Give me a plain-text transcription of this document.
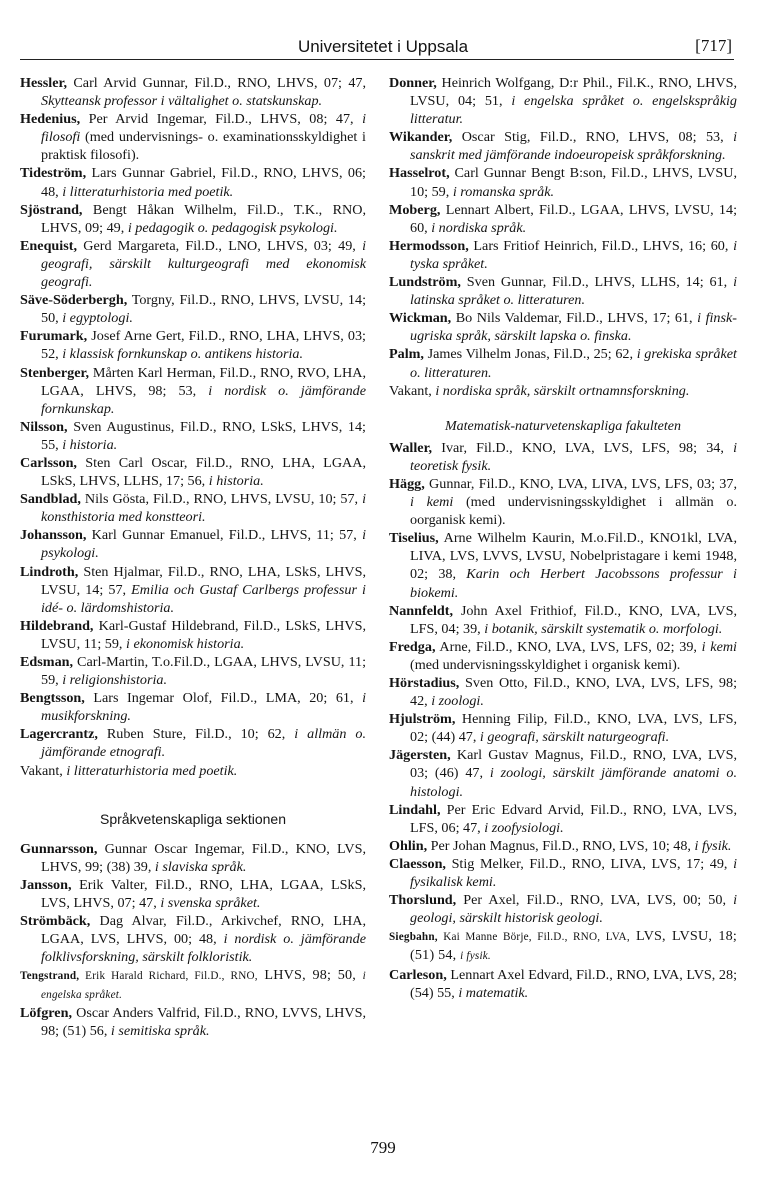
Universitetet i Uppsala	[717]
Hessler, Carl Arvid Gunnar, Fil.D., RNO, LHVS, 07; 47, Skytteansk professor i vältalighet o. statskunskap.
Hedenius, Per Arvid Ingemar, Fil.D., LHVS, 08; 47, i filosofi (med undervisnings- o. examinationsskyldighet i praktisk filosofi).
Tideström, Lars Gunnar Gabriel, Fil.D., RNO, LHVS, 06; 48, i litteraturhistoria med poetik.
Sjöstrand, Bengt Håkan Wilhelm, Fil.D., T.K., RNO, LHVS, 09; 49, i pedagogik o. pedagogisk psykologi.
Enequist, Gerd Margareta, Fil.D., LNO, LHVS, 03; 49, i geografi, särskilt kulturgeografi med ekonomisk geografi.
Säve-Söderbergh, Torgny, Fil.D., RNO, LHVS, LVSU, 14; 50, i egyptologi.
Furumark, Josef Arne Gert, Fil.D., RNO, LHA, LHVS, 03; 52, i klassisk fornkunskap o. antikens historia.
Stenberger, Mårten Karl Herman, Fil.D., RNO, RVO, LHA, LGAA, LHVS, 98; 53, i nordisk o. jämförande fornkunskap.
Nilsson, Sven Augustinus, Fil.D., RNO, LSkS, LHVS, 14; 55, i historia.
Carlsson, Sten Carl Oscar, Fil.D., RNO, LHA, LGAA, LSkS, LHVS, LLHS, 17; 56, i historia.
Sandblad, Nils Gösta, Fil.D., RNO, LHVS, LVSU, 10; 57, i konsthistoria med konstteori.
Johansson, Karl Gunnar Emanuel, Fil.D., LHVS, 11; 57, i psykologi.
Lindroth, Sten Hjalmar, Fil.D., RNO, LHA, LSkS, LHVS, LVSU, 14; 57, Emilia och Gustaf Carlbergs professur i idé- o. lärdomshistoria.
Hildebrand, Karl-Gustaf Hildebrand, Fil.D., LSkS, LHVS, LVSU, 11; 59, i ekonomisk historia.
Edsman, Carl-Martin, T.o.Fil.D., LGAA, LHVS, LVSU, 11; 59, i religionshistoria.
Bengtsson, Lars Ingemar Olof, Fil.D., LMA, 20; 61, i musikforskning.
Lagercrantz, Ruben Sture, Fil.D., 10; 62, i allmän o. jämförande etnografi.
Vakant, i litteraturhistoria med poetik.
Språkvetenskapliga sektionen
Gunnarsson, Gunnar Oscar Ingemar, Fil.D., KNO, LVS, LHVS, 99; (38) 39, i slaviska språk.
Jansson, Erik Valter, Fil.D., RNO, LHA, LGAA, LSkS, LVS, LHVS, 07; 47, i svenska språket.
Strömbäck, Dag Alvar, Fil.D., Arkivchef, RNO, LHA, LGAA, LVS, LHVS, 00; 48, i nordisk o. jämförande folklivsforskning, särskilt folkloristik.
Tengstrand, Erik Harald Richard, Fil.D., RNO, LHVS, 98; 50, i engelska språket.
Löfgren, Oscar Anders Valfrid, Fil.D., RNO, LVVS, LHVS, 98; (51) 56, i semitiska språk.
Donner, Heinrich Wolfgang, D:r Phil., Fil.K., RNO, LHVS, LVSU, 04; 51, i engelska språket o. engelskspråkig litteratur.
Wikander, Oscar Stig, Fil.D., RNO, LHVS, 08; 53, i sanskrit med jämförande indoeuropeisk språkforskning.
Hasselrot, Carl Gunnar Bengt B:son, Fil.D., LHVS, LVSU, 10; 59, i romanska språk.
Moberg, Lennart Albert, Fil.D., LGAA, LHVS, LVSU, 14; 60, i nordiska språk.
Hermodsson, Lars Fritiof Heinrich, Fil.D., LHVS, 16; 60, i tyska språket.
Lundström, Sven Gunnar, Fil.D., LHVS, LLHS, 14; 61, i latinska språket o. litteraturen.
Wickman, Bo Nils Valdemar, Fil.D., LHVS, 17; 61, i finsk-ugriska språk, särskilt lapska o. finska.
Palm, James Vilhelm Jonas, Fil.D., 25; 62, i grekiska språket o. litteraturen.
Vakant, i nordiska språk, särskilt ortnamnsforskning.
Matematisk-naturvetenskapliga fakulteten
Waller, Ivar, Fil.D., KNO, LVA, LVS, LFS, 98; 34, i teoretisk fysik.
Hägg, Gunnar, Fil.D., KNO, LVA, LIVA, LVS, LFS, 03; 37, i kemi (med undervisningsskyldighet i allmän o. oorganisk kemi).
Tiselius, Arne Wilhelm Kaurin, M.o.Fil.D., KNO1kl, LVA, LIVA, LVS, LVVS, LVSU, Nobelpristagare i kemi 1948, 02; 38, Karin och Herbert Jacobssons professur i biokemi.
Nannfeldt, John Axel Frithiof, Fil.D., KNO, LVA, LVS, LFS, 04; 39, i botanik, särskilt systematik o. morfologi.
Fredga, Arne, Fil.D., KNO, LVA, LVS, LFS, 02; 39, i kemi (med undervisningsskyldighet i organisk kemi).
Hörstadius, Sven Otto, Fil.D., KNO, LVA, LVS, LFS, 98; 42, i zoologi.
Hjulström, Henning Filip, Fil.D., KNO, LVA, LVS, LFS, 02; (44) 47, i geografi, särskilt naturgeografi.
Jägersten, Karl Gustav Magnus, Fil.D., RNO, LVA, LVS, 03; (46) 47, i zoologi, särskilt jämförande anatomi o. histologi.
Lindahl, Per Eric Edvard Arvid, Fil.D., RNO, LVA, LVS, LFS, 06; 47, i zoofysiologi.
Ohlin, Per Johan Magnus, Fil.D., RNO, LVS, 10; 48, i fysik.
Claesson, Stig Melker, Fil.D., RNO, LIVA, LVS, 17; 49, i fysikalisk kemi.
Thorslund, Per Axel, Fil.D., RNO, LVA, LVS, 00; 50, i geologi, särskilt historisk geologi.
Siegbahn, Kai Manne Börje, Fil.D., RNO, LVA, LVS, LVSU, 18; (51) 54, i fysik.
Carleson, Lennart Axel Edvard, Fil.D., RNO, LVA, LVS, 28; (54) 55, i matematik.
799
